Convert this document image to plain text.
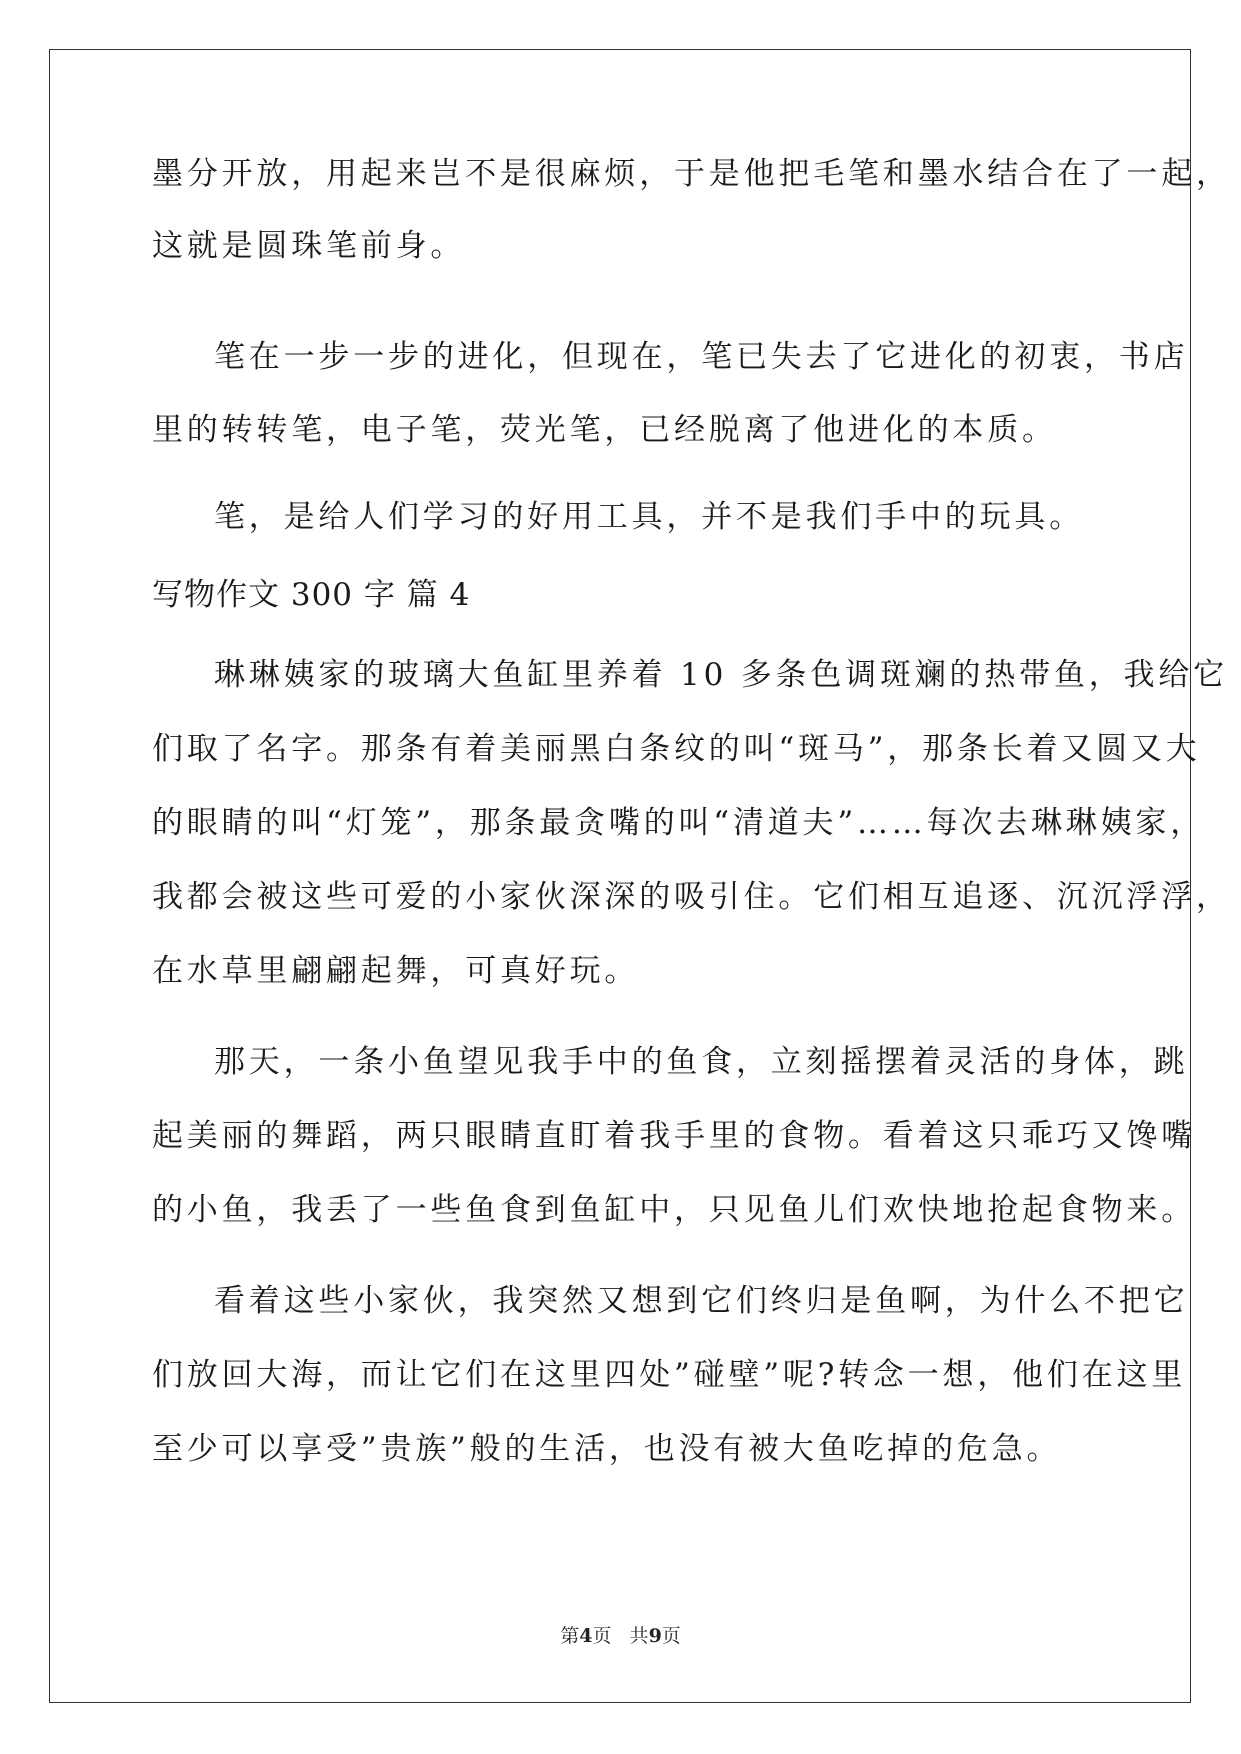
墨分开放，用起来岂不是很麻烦，于是他把毛笔和墨水结合在了一起，
这就是圆珠笔前身。
笔在一步一步的进化，但现在，笔已失去了它进化的初衷，书店
里的转转笔，电子笔，荧光笔，已经脱离了他进化的本质。
笔，是给人们学习的好用工具，并不是我们手中的玩具。
写物作文 300 字 篇 4
琳琳姨家的玻璃大鱼缸里养着 10 多条色调斑斓的热带鱼，我给它
们取了名字。那条有着美丽黑白条纹的叫“斑马”，那条长着又圆又大
的眼睛的叫“灯笼”，那条最贪嘴的叫“清道夫”……每次去琳琳姨家，
我都会被这些可爱的小家伙深深的吸引住。它们相互追逐、沉沉浮浮，
在水草里翩翩起舞，可真好玩。
那天，一条小鱼望见我手中的鱼食，立刻摇摆着灵活的身体，跳
起美丽的舞蹈，两只眼睛直盯着我手里的食物。看着这只乖巧又馋嘴
的小鱼，我丢了一些鱼食到鱼缸中，只见鱼儿们欢快地抢起食物来。
看着这些小家伙，我突然又想到它们终归是鱼啊，为什么不把它
们放回大海，而让它们在这里四处”碰壁”呢?转念一想，他们在这里
至少可以享受”贵族”般的生活，也没有被大鱼吃掉的危急。
第4页   共9页
